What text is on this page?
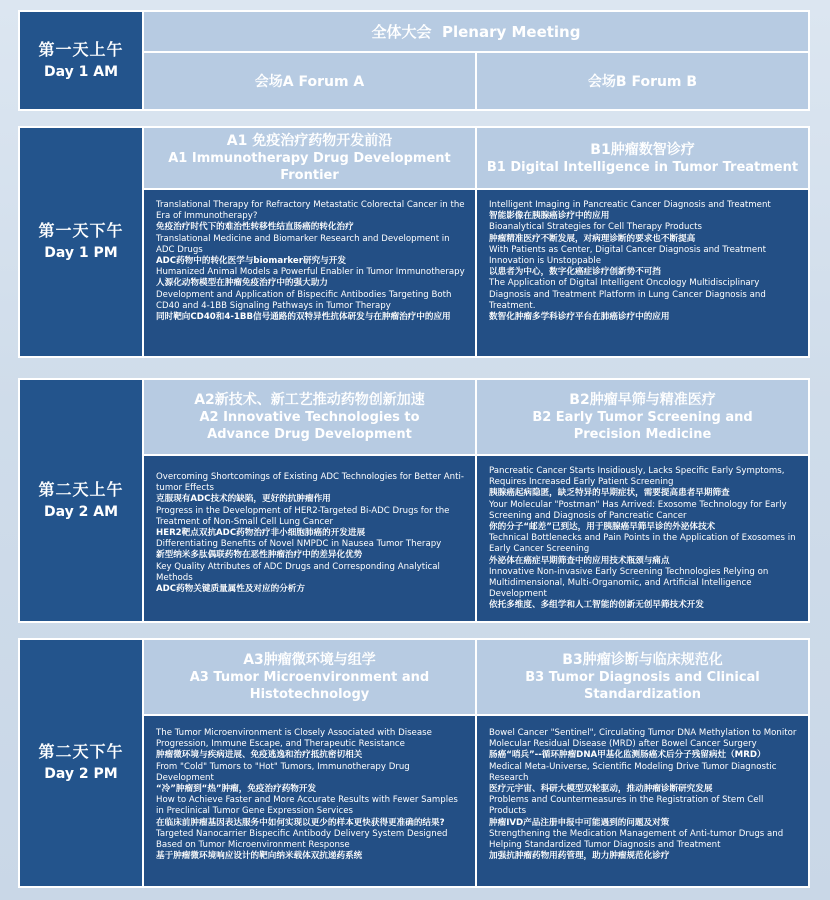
第一天上午
Day 1 AM
全体大会
Plenary Meeting
会场A Forum A	会场B Forum B
第一天下午
Day 1 PM
A1 免疫治疗药物开发前沿
A1 Immunotherapy Drug Development Frontier

Translational Therapy for Refractory Metastatic Colorectal Cancer in the Era of Immunotherapy?

免疫治疗时代下的难治性转移性结直肠癌的转化治疗

Translational Medicine and Biomarker Research and Development in ADC Drugs

ADC药物中的转化医学与biomarker研究与开发

Humanized Animal Models a Powerful Enabler in Tumor Immunotherapy

人源化动物模型在肿瘤免疫治疗中的强大助力

Development and Application of Bispecific Antibodies Targeting Both CD40 and 4-1BB Signaling Pathways in Tumor Therapy

同时靶向CD40和4-1BB信号通路的双特异性抗体研发与在肿瘤治疗中的应用

B1肿瘤数智诊疗
B1 Digital Intelligence in Tumor Treatment

Intelligent Imaging in Pancreatic Cancer Diagnosis and Treatment

智能影像在胰腺癌诊疗中的应用

Bioanalytical Strategies for Cell Therapy Products

肿瘤精准医疗不断发展，对病理诊断的要求也不断提高

With Patients as Center, Digital Cancer Diagnosis and Treatment Innovation is Unstoppable

以患者为中心，数字化癌症诊疗创新势不可挡

The Application of Digital Intelligent Oncology Multidisciplinary Diagnosis and Treatment Platform in Lung Cancer Diagnosis and Treatment.

数智化肿瘤多学科诊疗平台在肺癌诊疗中的应用

第二天上午
Day 2 AM
A2新技术、新工艺推动药物创新加速
A2 Innovative Technologies to Advance Drug Development

Overcoming Shortcomings of Existing ADC Technologies for Better Anti-tumor Effects

克服现有ADC技术的缺陷，更好的抗肿瘤作用

Progress in the Development of HER2-Targeted Bi-ADC Drugs for the Treatment of Non-Small Cell Lung Cancer

HER2靶点双抗ADC药物治疗非小细胞肺癌的开发进展

Differentiating Benefits of Novel NMPDC in Nausea Tumor Therapy

新型纳米多肽偶联药物在恶性肿瘤治疗中的差异化优势

Key Quality Attributes of ADC Drugs and Corresponding Analytical Methods

ADC药物关键质量属性及对应的分析方

B2肿瘤早筛与精准医疗
B2 Early Tumor Screening and Precision Medicine

Pancreatic Cancer Starts Insidiously, Lacks Specific Early Symptoms, Requires Increased Early Patient Screening

胰腺癌起病隐匿，缺乏特异的早期症状，需要提高患者早期筛查

Your Molecular "Postman" Has Arrived: Exosome Technology for Early Screening and Diagnosis of Pancreatic Cancer

你的分子“邮差”已到达，用于胰腺癌早筛早诊的外泌体技术

Technical Bottlenecks and Pain Points in the Application of Exosomes in Early Cancer Screening

外泌体在癌症早期筛查中的应用技术瓶颈与痛点

Innovative Non-invasive Early Screening Technologies Relying on Multidimensional, Multi-Organomic, and Artificial Intelligence Development

依托多维度、多组学和人工智能的创新无创早筛技术开发

第二天下午
Day 2 PM
A3肿瘤微环境与组学
A3 Tumor Microenvironment and Histotechnology

The Tumor Microenvironment is Closely Associated with Disease Progression, Immune Escape, and Therapeutic Resistance

肿瘤微环境与疾病进展、免疫逃逸和治疗抵抗密切相关

From "Cold" Tumors to "Hot" Tumors, Immunotherapy Drug Development

“冷”肿瘤到“热”肿瘤，免疫治疗药物开发

How to Achieve Faster and More Accurate Results with Fewer Samples in Preclinical Tumor Gene Expression Services

在临床前肿瘤基因表达服务中如何实现以更少的样本更快获得更准确的结果?

Targeted Nanocarrier Bispecific Antibody Delivery System Designed Based on Tumor Microenvironment Response

基于肿瘤微环境响应设计的靶向纳米载体双抗递药系统

B3肿瘤诊断与临床规范化
B3 Tumor Diagnosis and Clinical Standardization

Bowel Cancer "Sentinel", Circulating Tumor DNA Methylation to Monitor Molecular Residual Disease (MRD) after Bowel Cancer Surgery

肠癌“哨兵”--循环肿瘤DNA甲基化监测肠癌术后分子残留病灶（MRD）

Medical Meta-Universe, Scientific Modeling Drive Tumor Diagnostic Research

医疗元宇宙、科研大模型双轮驱动，推动肿瘤诊断研究发展

Problems and Countermeasures in the Registration of Stem Cell Products

肿瘤IVD产品注册申报中可能遇到的问题及对策

Strengthening the Medication Management of Anti-tumor Drugs and Helping Standardized Tumor Diagnosis and Treatment

加强抗肿瘤药物用药管理，助力肿瘤规范化诊疗
